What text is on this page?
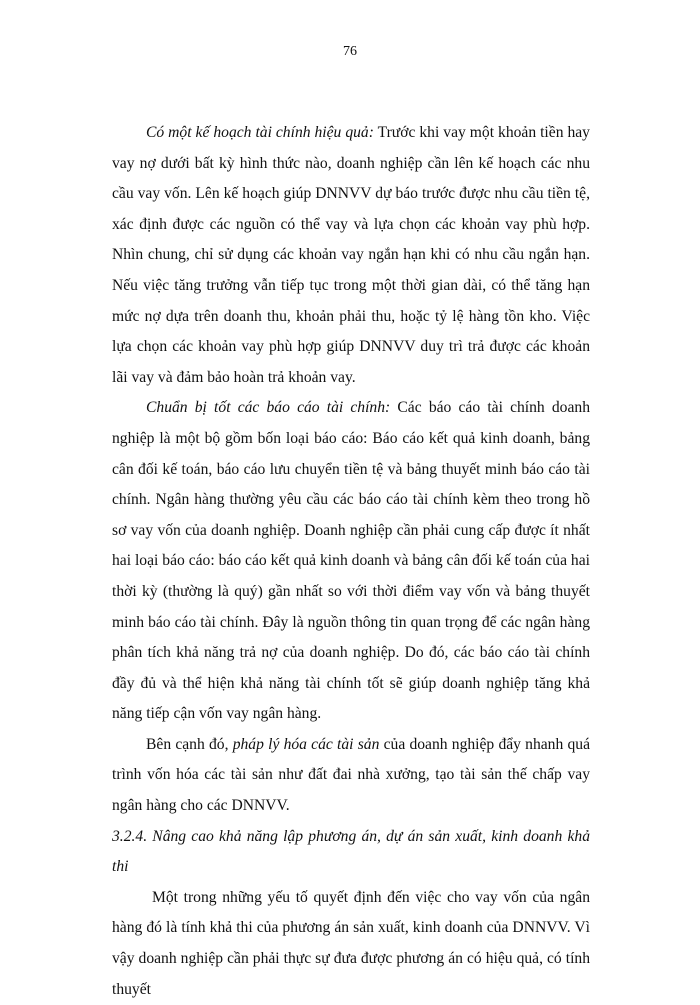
76

Có một kế hoạch tài chính hiệu quả: Trước khi vay một khoản tiền hay vay nợ dưới bất kỳ hình thức nào, doanh nghiệp cần lên kế hoạch các nhu cầu vay vốn. Lên kế hoạch giúp DNNVV dự báo trước được nhu cầu tiền tệ, xác định được các nguồn có thể vay và lựa chọn các khoản vay phù hợp. Nhìn chung, chỉ sử dụng các khoản vay ngắn hạn khi có nhu cầu ngắn hạn. Nếu việc tăng trưởng vẫn tiếp tục trong một thời gian dài, có thể tăng hạn mức nợ dựa trên doanh thu, khoản phải thu, hoặc tỷ lệ hàng tồn kho. Việc lựa chọn các khoản vay phù hợp giúp DNNVV duy trì trả được các khoản lãi vay và đảm bảo hoàn trả khoản vay.

Chuẩn bị tốt các báo cáo tài chính: Các báo cáo tài chính doanh nghiệp là một bộ gồm bốn loại báo cáo: Báo cáo kết quả kinh doanh, bảng cân đối kế toán, báo cáo lưu chuyển tiền tệ và bảng thuyết minh báo cáo tài chính. Ngân hàng thường yêu cầu các báo cáo tài chính kèm theo trong hồ sơ vay vốn của doanh nghiệp. Doanh nghiệp cần phải cung cấp được ít nhất hai loại báo cáo: báo cáo kết quả kinh doanh và bảng cân đối kế toán của hai thời kỳ (thường là quý) gần nhất so với thời điểm vay vốn và bảng thuyết minh báo cáo tài chính. Đây là nguồn thông tin quan trọng để các ngân hàng phân tích khả năng trả nợ của doanh nghiệp. Do đó, các báo cáo tài chính đầy đủ và thể hiện khả năng tài chính tốt sẽ giúp doanh nghiệp tăng khả năng tiếp cận vốn vay ngân hàng.

Bên cạnh đó, pháp lý hóa các tài sản của doanh nghiệp đẩy nhanh quá trình vốn hóa các tài sản như đất đai nhà xưởng, tạo tài sản thế chấp vay ngân hàng cho các DNNVV.

3.2.4. Nâng cao khả năng lập phương án, dự án sản xuất, kinh doanh khả thi

Một trong những yếu tố quyết định đến việc cho vay vốn của ngân hàng đó là tính khả thi của phương án sản xuất, kinh doanh của DNNVV. Vì vậy doanh nghiệp cần phải thực sự đưa được phương án có hiệu quả, có tính thuyết
